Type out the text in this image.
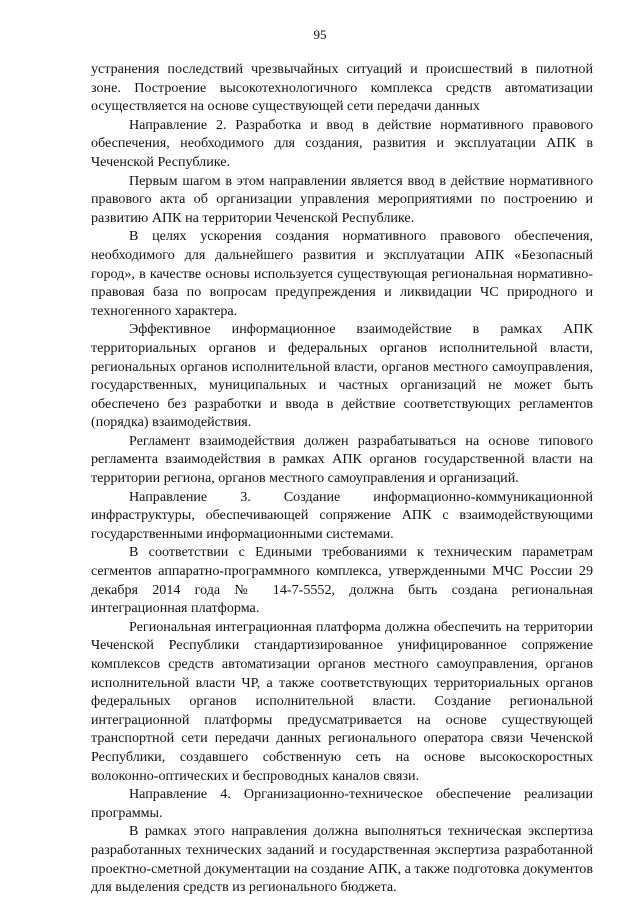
95

устранения последствий чрезвычайных ситуаций и происшествий в пилотной зоне. Построение высокотехнологичного комплекса средств автоматизации осуществляется на основе существующей сети передачи данных

Направление 2. Разработка и ввод в действие нормативного правового обеспечения, необходимого для создания, развития и эксплуатации АПК в Чеченской Республике.

Первым шагом в этом направлении является ввод в действие нормативного правового акта об организации управления мероприятиями по построению и развитию АПК на территории Чеченской Республике.

В целях ускорения создания нормативного правового обеспечения, необходимого для дальнейшего развития и эксплуатации АПК «Безопасный город», в качестве основы используется существующая региональная нормативно-правовая база по вопросам предупреждения и ликвидации ЧС природного и техногенного характера.

Эффективное информационное взаимодействие в рамках АПК территориальных органов и федеральных органов исполнительной власти, региональных органов исполнительной власти, органов местного самоуправления, государственных, муниципальных и частных организаций не может быть обеспечено без разработки и ввода в действие соответствующих регламентов (порядка) взаимодействия.

Регламент взаимодействия должен разрабатываться на основе типового регламента взаимодействия в рамках АПК органов государственной власти на территории региона, органов местного самоуправления и организаций.

Направление 3. Создание информационно-коммуникационной инфраструктуры, обеспечивающей сопряжение АПК с взаимодействующими государственными информационными системами.

В соответствии с Едиными требованиями к техническим параметрам сегментов аппаратно-программного комплекса, утвержденными МЧС России 29 декабря 2014 года № 14-7-5552, должна быть создана региональная интеграционная платформа.

Региональная интеграционная платформа должна обеспечить на территории Чеченской Республики стандартизированное унифицированное сопряжение комплексов средств автоматизации органов местного самоуправления, органов исполнительной власти ЧР, а также соответствующих территориальных органов федеральных органов исполнительной власти. Создание региональной интеграционной платформы предусматривается на основе существующей транспортной сети передачи данных регионального оператора связи Чеченской Республики, создавшего собственную сеть на основе высокоскоростных волоконно-оптических и беспроводных каналов связи.

Направление 4. Организационно-техническое обеспечение реализации программы.

В рамках этого направления должна выполняться техническая экспертиза разработанных технических заданий и государственная экспертиза разработанной проектно-сметной документации на создание АПК, а также подготовка документов для выделения средств из регионального бюджета.
